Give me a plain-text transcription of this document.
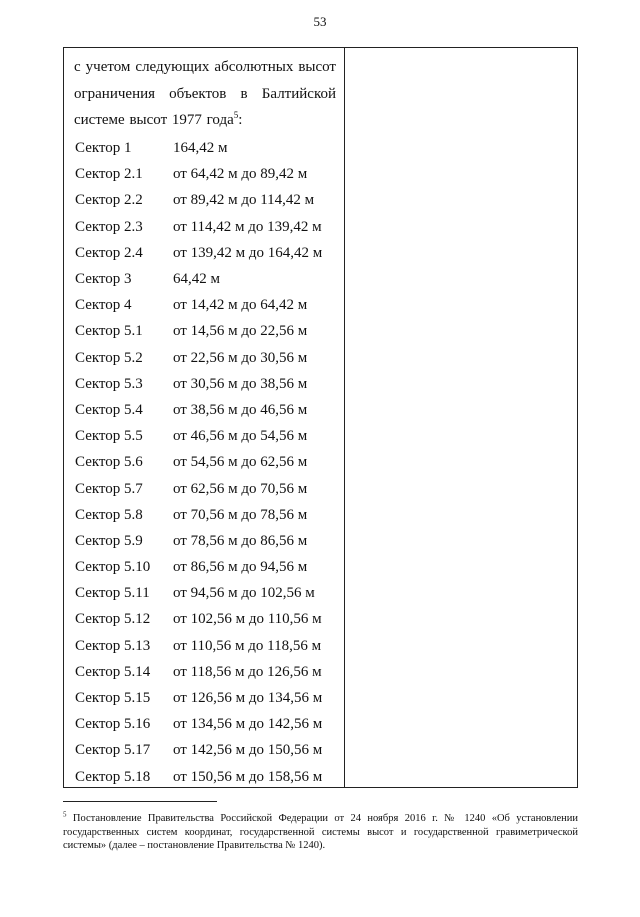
53
с учетом следующих абсолютных высот
ограничения объектов в Балтийской
системе высот 1977 года$^5$:
Сектор 1	164,42 м
Сектор 2.1	от 64,42 м до 89,42 м
Сектор 2.2	от 89,42 м до 114,42 м
Сектор 2.3	от 114,42 м до 139,42 м
Сектор 2.4	от 139,42 м до 164,42 м
Сектор 3	64,42 м
Сектор 4	от 14,42 м до 64,42 м
Сектор 5.1	от 14,56 м до 22,56 м
Сектор 5.2	от 22,56 м до 30,56 м
Сектор 5.3	от 30,56 м до 38,56 м
Сектор 5.4	от 38,56 м до 46,56 м
Сектор 5.5	от 46,56 м до 54,56 м
Сектор 5.6	от 54,56 м до 62,56 м
Сектор 5.7	от 62,56 м до 70,56 м
Сектор 5.8	от 70,56 м до 78,56 м
Сектор 5.9	от 78,56 м до 86,56 м
Сектор 5.10	от 86,56 м до 94,56 м
Сектор 5.11	от 94,56 м до 102,56 м
Сектор 5.12	от 102,56 м до 110,56 м
Сектор 5.13	от 110,56 м до 118,56 м
Сектор 5.14	от 118,56 м до 126,56 м
Сектор 5.15	от 126,56 м до 134,56 м
Сектор 5.16	от 134,56 м до 142,56 м
Сектор 5.17	от 142,56 м до 150,56 м
Сектор 5.18	от 150,56 м до 158,56 м
$^5$ Постановление Правительства Российской Федерации от 24 ноября 2016 г. № 1240 «Об установлении государственных систем координат, государственной системы высот и государственной гравиметрической системы» (далее – постановление Правительства № 1240).
